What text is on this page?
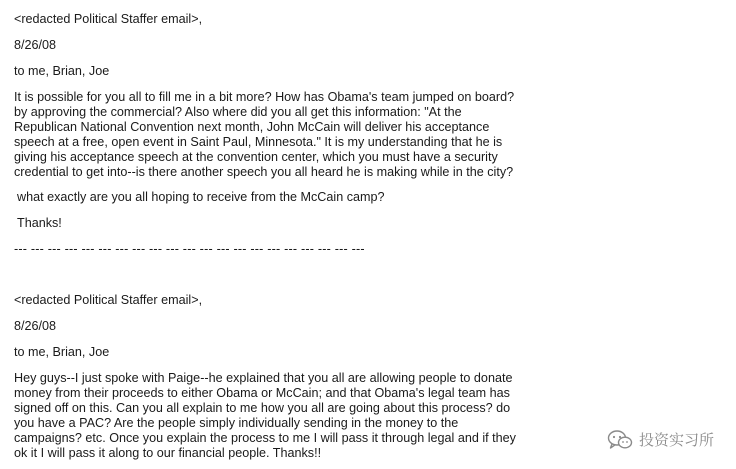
<redacted Political Staffer email>,

8/26/08

to me, Brian, Joe

It is possible for you all to fill me in a bit more? How has Obama's team jumped on board?
by approving the commercial? Also where did you all get this information: "At the
Republican National Convention next month, John McCain will deliver his acceptance
speech at a free, open event in Saint Paul, Minnesota." It is my understanding that he is
giving his acceptance speech at the convention center, which you must have a security
credential to get into--is there another speech you all heard he is making while in the city?

what exactly are you all hoping to receive from the McCain camp?

Thanks!

--- --- --- --- --- --- --- --- --- --- --- --- --- --- --- --- --- --- --- --- ---

<redacted Political Staffer email>,

8/26/08

to me, Brian, Joe

Hey guys--I just spoke with Paige--he explained that you all are allowing people to donate
money from their proceeds to either Obama or McCain; and that Obama's legal team has
signed off on this. Can you all explain to me how you all are going about this process? do
you have a PAC? Are the people simply individually sending in the money to the
campaigns? etc. Once you explain the process to me I will pass it through legal and if they
ok it I will pass it along to our financial people. Thanks!!
投资实习所
